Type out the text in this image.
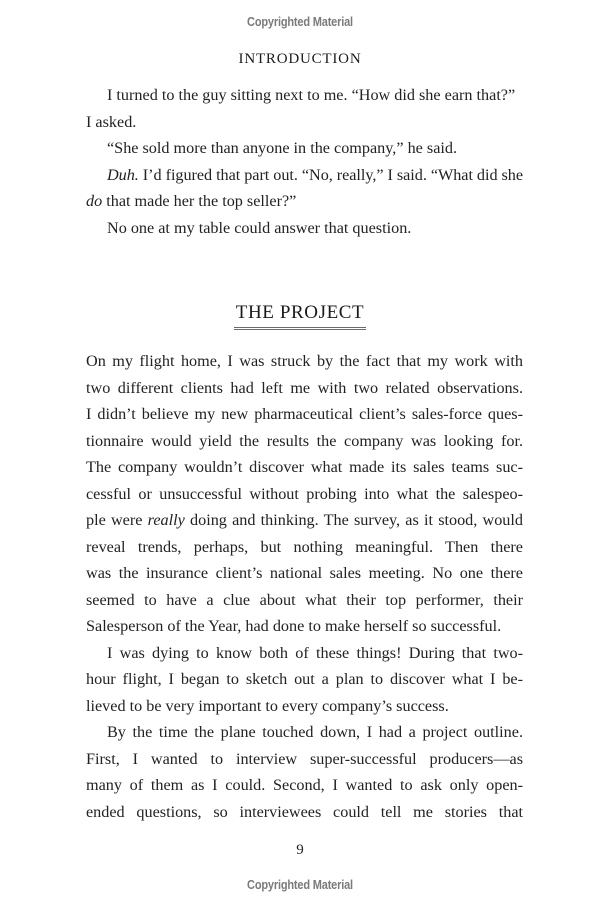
Copyrighted Material
INTRODUCTION
I turned to the guy sitting next to me. “How did she earn that?”
I asked.
“She sold more than anyone in the company,” he said.
Duh. I’d figured that part out. “No, really,” I said. “What did she
do that made her the top seller?”
No one at my table could answer that question.
THE PROJECT
On my flight home, I was struck by the fact that my work with
two different clients had left me with two related observations.
I didn’t believe my new pharmaceutical client’s sales-force ques-
tionnaire would yield the results the company was looking for.
The company wouldn’t discover what made its sales teams suc-
cessful or unsuccessful without probing into what the salespeo-
ple were really doing and thinking. The survey, as it stood, would
reveal trends, perhaps, but nothing meaningful. Then there
was the insurance client’s national sales meeting. No one there
seemed to have a clue about what their top performer, their
Salesperson of the Year, had done to make herself so successful.
I was dying to know both of these things! During that two-
hour flight, I began to sketch out a plan to discover what I be-
lieved to be very important to every company’s success.
By the time the plane touched down, I had a project outline.
First, I wanted to interview super-successful producers—as
many of them as I could. Second, I wanted to ask only open-
ended questions, so interviewees could tell me stories that
9
Copyrighted Material
